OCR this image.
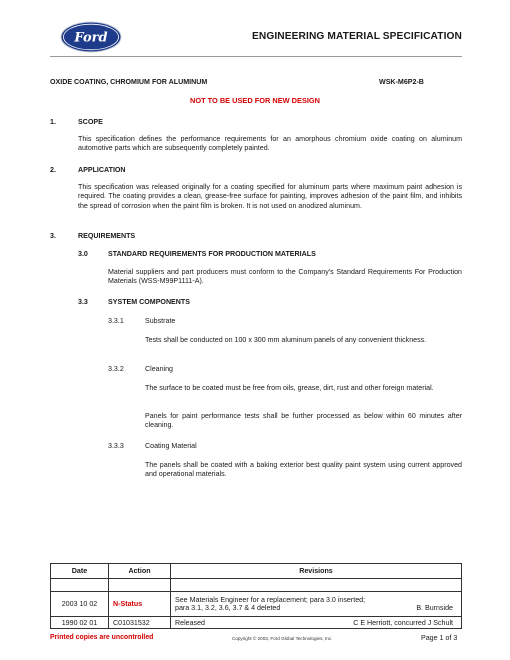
Ford	ENGINEERING MATERIAL SPECIFICATION
OXIDE COATING, CHROMIUM FOR ALUMINUM	WSK-M6P2-B
NOT TO BE USED FOR NEW DESIGN
1.	SCOPE
This specification defines the performance requirements for an amorphous chromium oxide coating on aluminum automotive parts which are subsequently completely painted.
2.	APPLICATION
This specification was released originally for a coating specified for aluminum parts where maximum paint adhesion is required. The coating provides a clean, grease-free surface for painting, improves adhesion of the paint film, and inhibits the spread of corrosion when the paint film is broken. It is not used on anodized aluminum.
3.	REQUIREMENTS
3.0	STANDARD REQUIREMENTS FOR PRODUCTION MATERIALS
Material suppliers and part producers must conform to the Company's Standard Requirements For Production Materials (WSS-M99P1111-A).
3.3	SYSTEM COMPONENTS
3.3.1	Substrate
Tests shall be conducted on 100 x 300 mm aluminum panels of any convenient thickness.
3.3.2	Cleaning
The surface to be coated must be free from oils, grease, dirt, rust and other foreign material.
Panels for paint performance tests shall be further processed as below within 60 minutes after cleaning.
3.3.3	Coating Material
The panels shall be coated with a baking exterior best quality paint system using current approved and operational materials.
Date	Action	Revisions

2003 10 02	N-Status	See Materials Engineer for a replacement; para 3.0 inserted;
para 3.1, 3.2, 3.6, 3.7 & 4 deleted B. Burnside

1990 02 01	C01031532	Released C E Herriott, concurred J Schult
Printed copies are uncontrolled	Copyright © 2003, Ford Global Technologies, Inc.	Page 1 of 3
